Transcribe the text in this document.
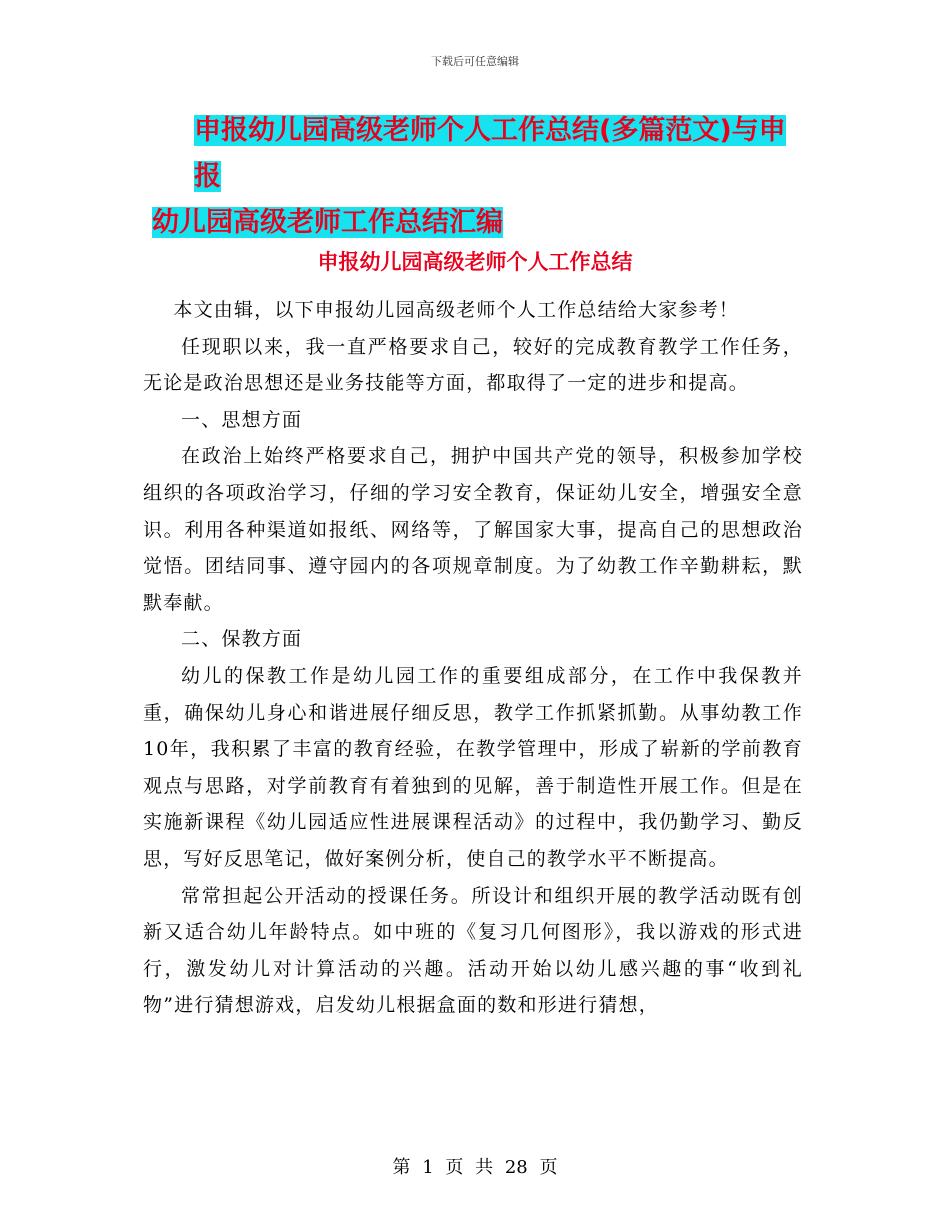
下载后可任意编辑
申报幼儿园高级老师个人工作总结(多篇范文)与申报
幼儿园高级老师工作总结汇编
申报幼儿园高级老师个人工作总结

本文由辑，以下申报幼儿园高级老师个人工作总结给大家参考！

任现职以来，我一直严格要求自己，较好的完成教育教学工作任务，无论是政治思想还是业务技能等方面，都取得了一定的进步和提高。

一、思想方面

在政治上始终严格要求自己，拥护中国共产党的领导，积极参加学校组织的各项政治学习，仔细的学习安全教育，保证幼儿安全，增强安全意识。利用各种渠道如报纸、网络等，了解国家大事，提高自己的思想政治觉悟。团结同事、遵守园内的各项规章制度。为了幼教工作辛勤耕耘，默默奉献。

二、保教方面

幼儿的保教工作是幼儿园工作的重要组成部分，在工作中我保教并重，确保幼儿身心和谐进展仔细反思，教学工作抓紧抓勤。从事幼教工作10年，我积累了丰富的教育经验，在教学管理中，形成了崭新的学前教育观点与思路，对学前教育有着独到的见解，善于制造性开展工作。但是在实施新课程《幼儿园适应性进展课程活动》的过程中，我仍勤学习、勤反思，写好反思笔记，做好案例分析，使自己的教学水平不断提高。

常常担起公开活动的授课任务。所设计和组织开展的教学活动既有创新又适合幼儿年龄特点。如中班的《复习几何图形》，我以游戏的形式进行，激发幼儿对计算活动的兴趣。活动开始以幼儿感兴趣的事“收到礼物”进行猜想游戏，启发幼儿根据盒面的数和形进行猜想，

第 1 页 共 28 页
